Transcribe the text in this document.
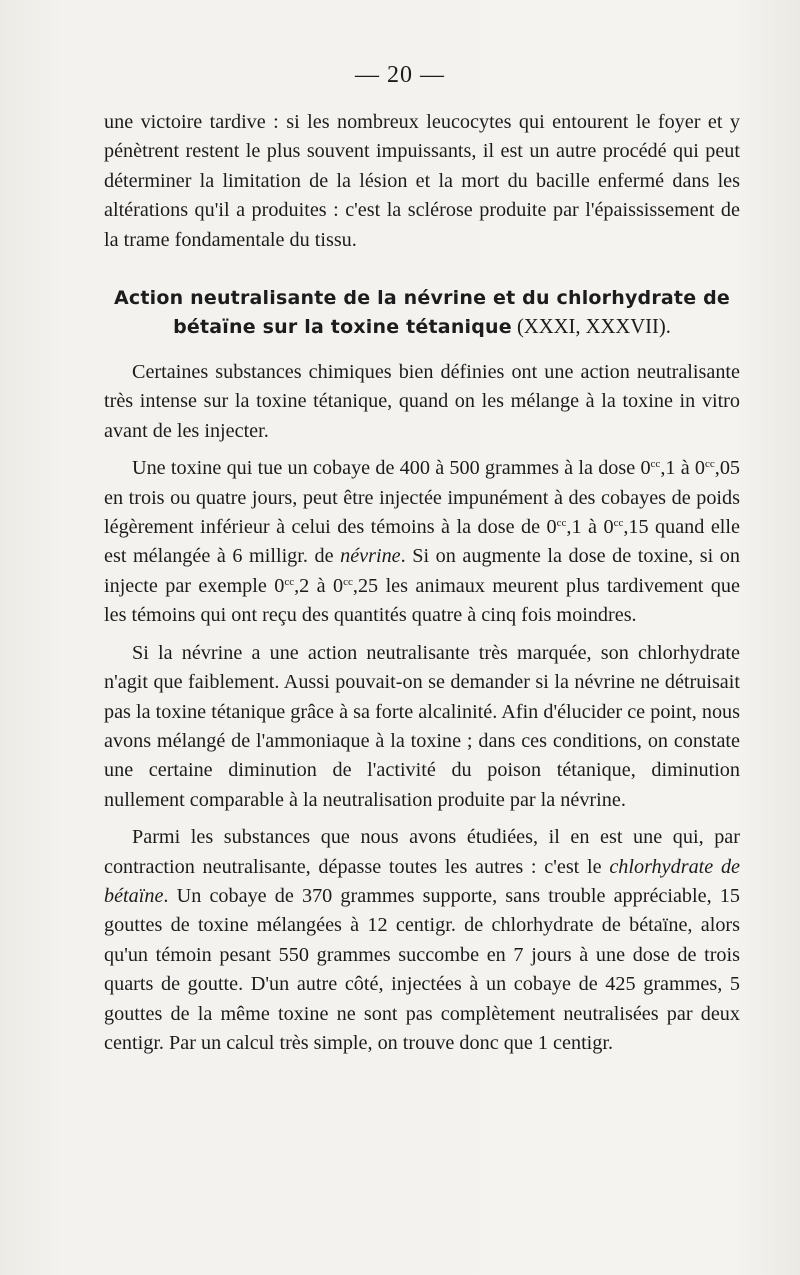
— 20 —

une victoire tardive : si les nombreux leucocytes qui entourent le foyer et y pénètrent restent le plus souvent impuissants, il est un autre procédé qui peut déterminer la limitation de la lésion et la mort du bacille enfermé dans les altérations qu'il a produites : c'est la sclérose produite par l'épaississement de la trame fondamentale du tissu.

Action neutralisante de la névrine et du chlorhydrate de
bétaïne sur la toxine tétanique (XXXI, XXXVII).

Certaines substances chimiques bien définies ont une action neutralisante très intense sur la toxine tétanique, quand on les mélange à la toxine in vitro avant de les injecter.

Une toxine qui tue un cobaye de 400 à 500 grammes à la dose $0^{cc},1$ à $0^{cc},05$ en trois ou quatre jours, peut être injectée impunément à des cobayes de poids légèrement inférieur à celui des témoins à la dose de $0^{cc},1$ à $0^{cc},15$ quand elle est mélangée à 6 milligr. de névrine. Si on augmente la dose de toxine, si on injecte par exemple $0^{cc},2$ à $0^{cc},25$ les animaux meurent plus tardivement que les témoins qui ont reçu des quantités quatre à cinq fois moindres.

Si la névrine a une action neutralisante très marquée, son chlorhydrate n'agit que faiblement. Aussi pouvait-on se demander si la névrine ne détruisait pas la toxine tétanique grâce à sa forte alcalinité. Afin d'élucider ce point, nous avons mélangé de l'ammoniaque à la toxine ; dans ces conditions, on constate une certaine diminution de l'activité du poison tétanique, diminution nullement comparable à la neutralisation produite par la névrine.

Parmi les substances que nous avons étudiées, il en est une qui, par contraction neutralisante, dépasse toutes les autres : c'est le chlorhydrate de bétaïne. Un cobaye de 370 grammes supporte, sans trouble appréciable, 15 gouttes de toxine mélangées à 12 centigr. de chlorhydrate de bétaïne, alors qu'un témoin pesant 550 grammes succombe en 7 jours à une dose de trois quarts de goutte. D'un autre côté, injectées à un cobaye de 425 grammes, 5 gouttes de la même toxine ne sont pas complètement neutralisées par deux centigr. Par un calcul très simple, on trouve donc que 1 centigr.
